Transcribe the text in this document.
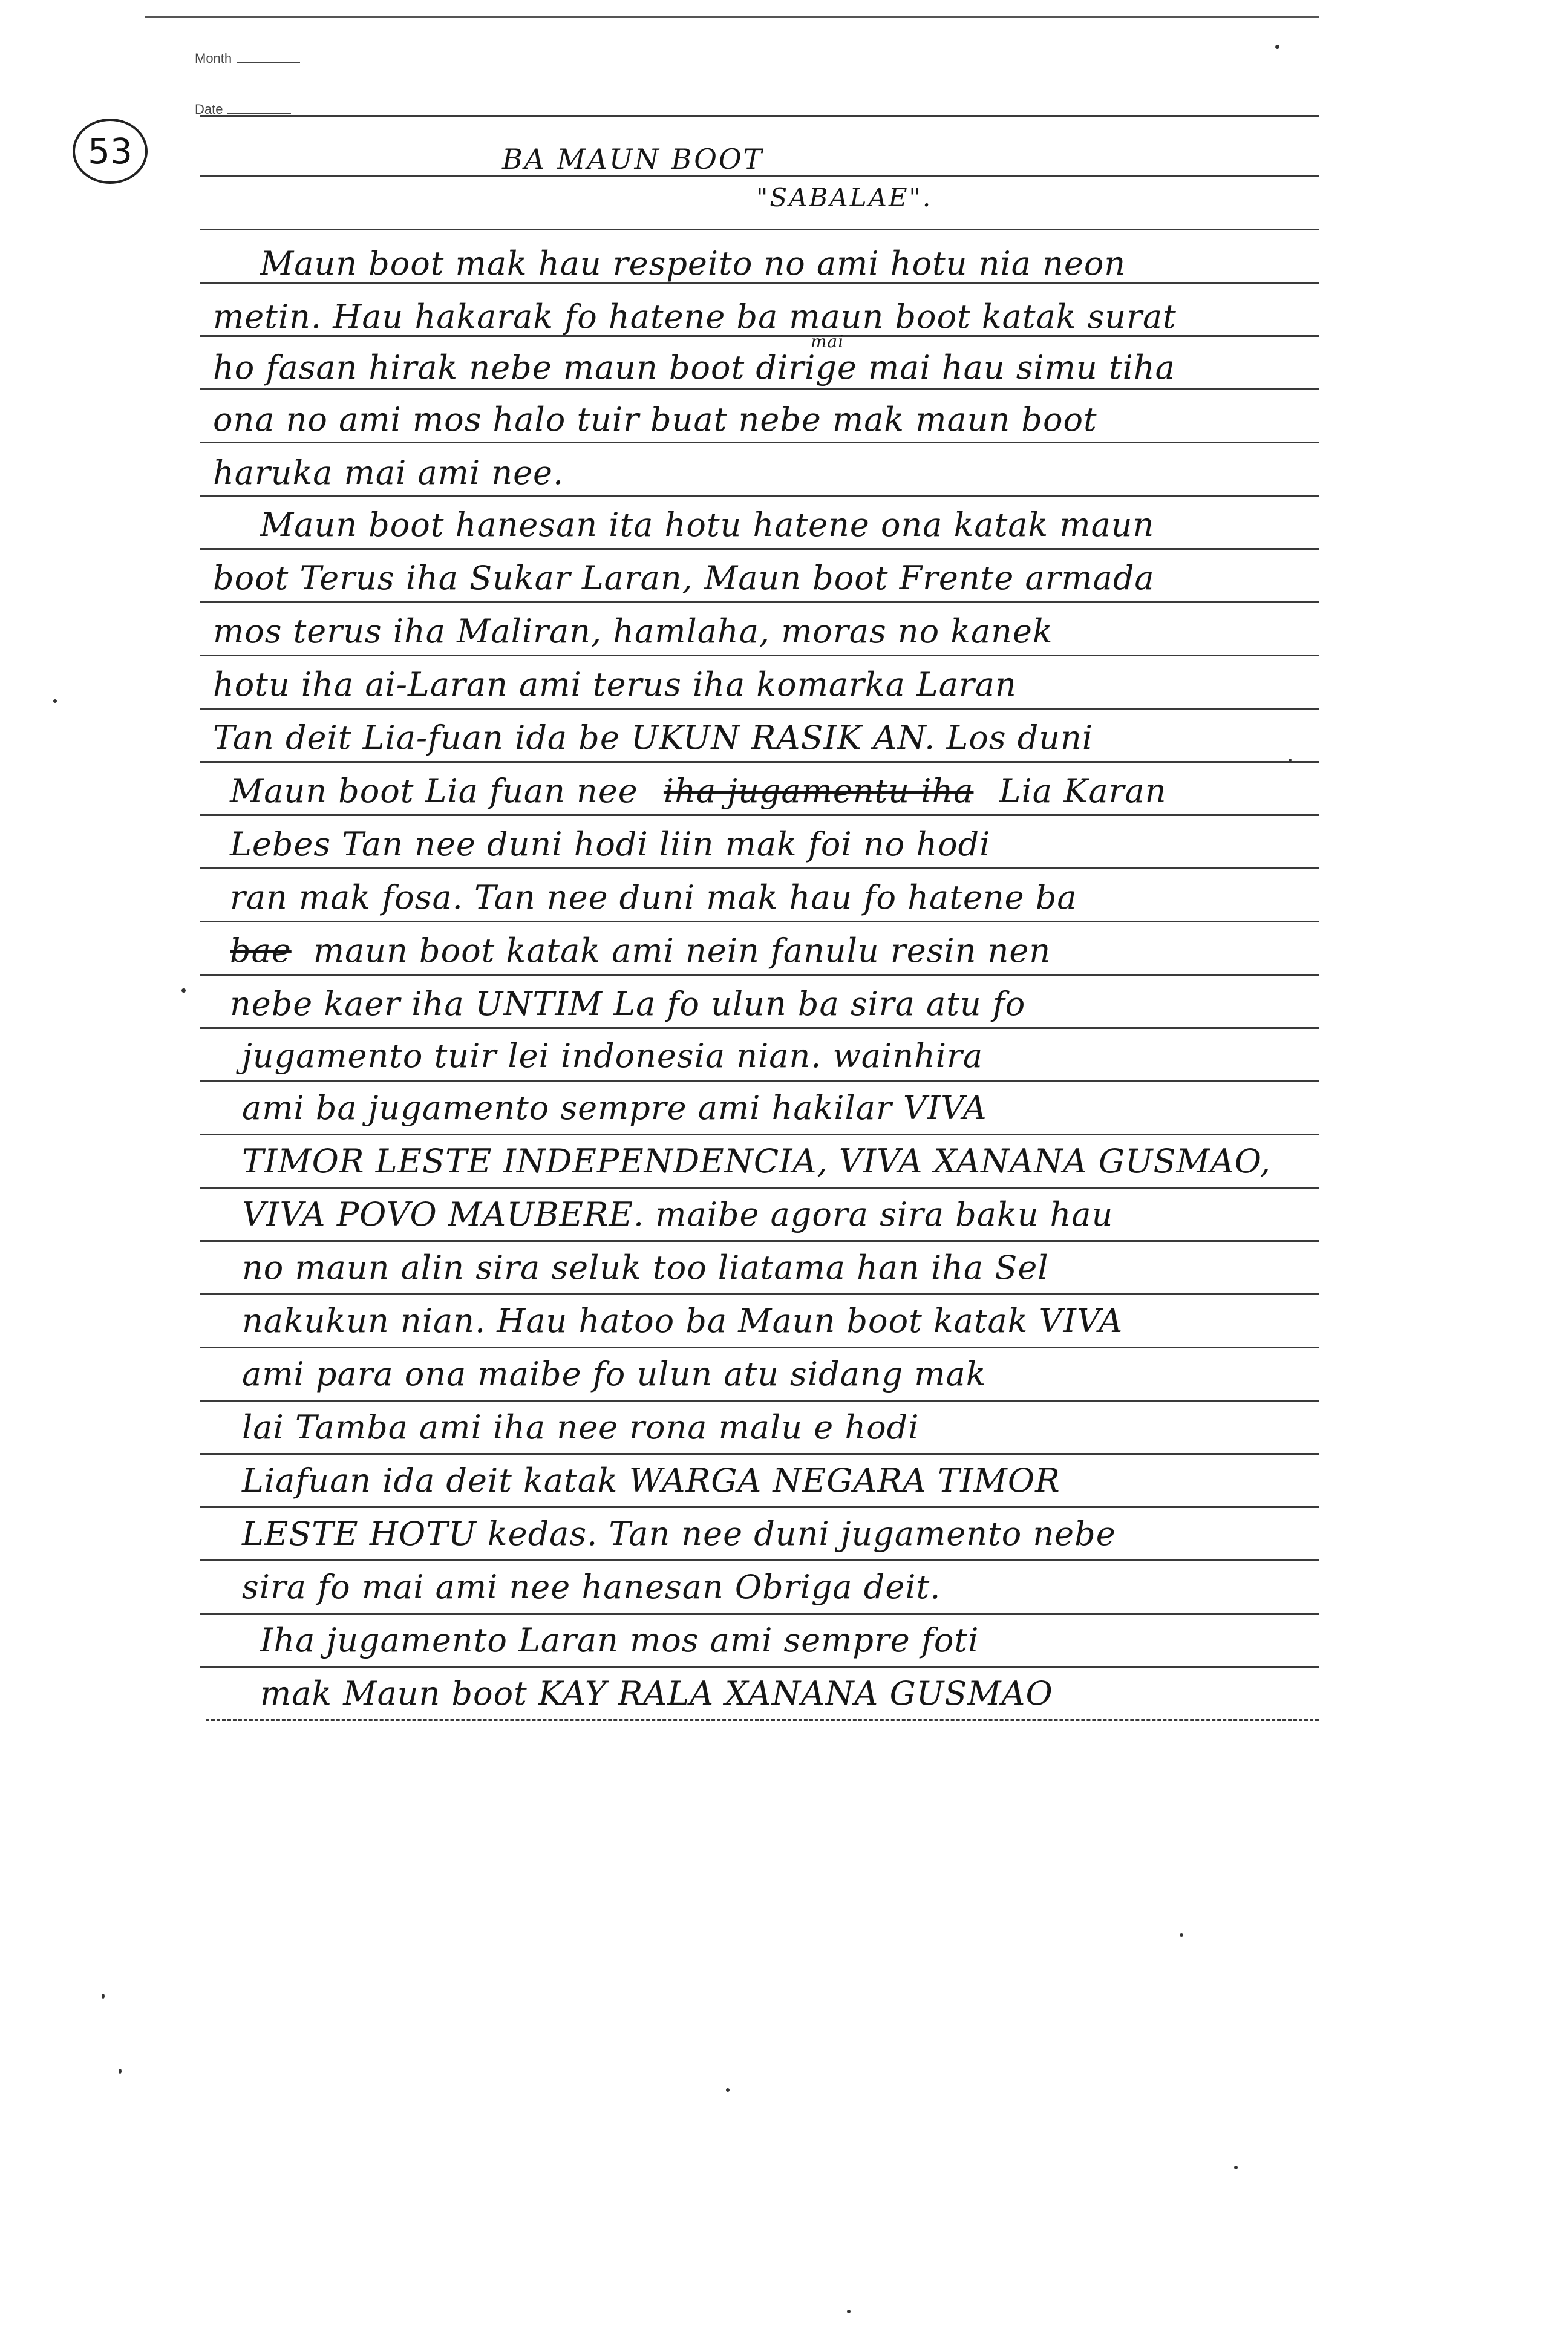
Month
Date
53	BA MAUN BOOT
"SABALAE".
Maun boot mak hau respeito no ami hotu nia neon
metin. Hau hakarak fo hatene ba maun boot katak surat
ho fasan hirak nebe maun boot dirige mai hau simu tiha
mai
ona no ami mos halo tuir buat nebe mak maun boot
haruka mai ami nee.
Maun boot hanesan ita hotu hatene ona katak maun
boot Terus iha Sukar Laran, Maun boot Frente armada
mos terus iha Maliran, hamlaha, moras no kanek
hotu iha ai-Laran ami terus iha komarka Laran
Tan deit Lia-fuan ida be UKUN RASIK AN. Los duni
Maun boot Lia fuan nee iha jugamentu iha Lia Karan
Lebes Tan nee duni hodi liin mak foi no hodi
ran mak fosa. Tan nee duni mak hau fo hatene ba
bae maun boot katak ami nein fanulu resin nen
nebe kaer iha UNTIM La fo ulun ba sira atu fo
jugamento tuir lei indonesia nian. wainhira
ami ba jugamento sempre ami hakilar VIVA
TIMOR LESTE INDEPENDENCIA, VIVA XANANA GUSMAO,
VIVA POVO MAUBERE. maibe agora sira baku hau
no maun alin sira seluk too liatama han iha Sel
nakukun nian. Hau hatoo ba Maun boot katak VIVA
ami para ona maibe fo ulun atu sidang mak
lai Tamba ami iha nee rona malu e hodi
Liafuan ida deit katak WARGA NEGARA TIMOR
LESTE HOTU kedas. Tan nee duni jugamento nebe
sira fo mai ami nee hanesan Obriga deit.
Iha jugamento Laran mos ami sempre foti
mak Maun boot KAY RALA XANANA GUSMAO
